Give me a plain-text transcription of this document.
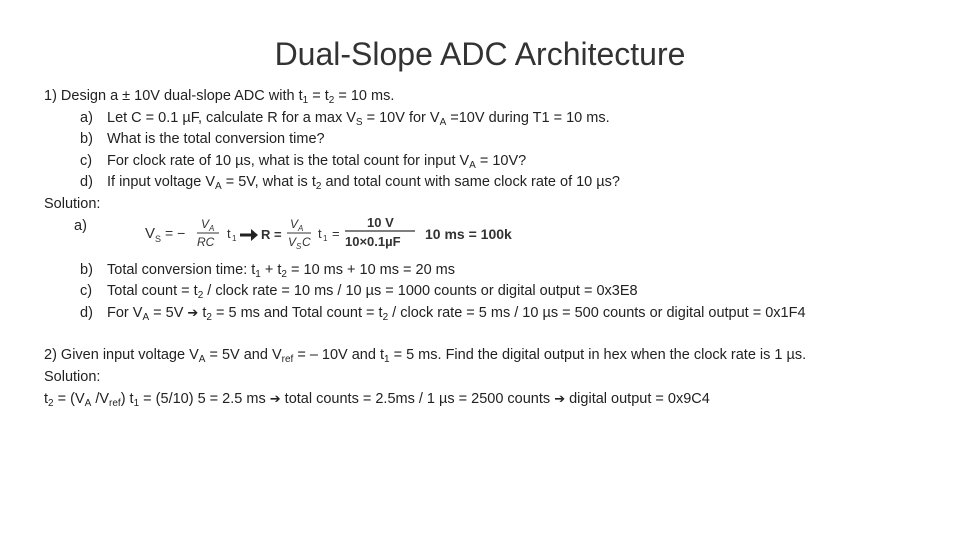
Dual-Slope ADC Architecture
1) Design a ± 10V dual-slope ADC with $t_1 = t_2 = 10$ ms.
a) Let C = 0.1 µF, calculate R for a $\max V_S = 10V$ for $V_A =10V$ during T1 = 10 ms.
b) What is the total conversion time?
c) For clock rate of 10 µs, what is the total count for input $V_A = 10V$?
d) If input voltage $V_A = 5V$, what is $t_2$ and total count with same clock rate of 10 µs?
Solution:
a)	V S = −
V A
RC
t 1 R =
V A
V S C
t 1 =
10 V
10×0.1µF 10 ms = 100k
b) Total conversion time: $t_1 + t_2 = 10$ ms + 10 ms = 20 ms
c) Total count = $t_2$ / clock rate = 10 ms / 10 µs = 1000 counts or digital output = 0x3E8
d) For $V_A = 5V$ ➔ $t_2 = 5$ ms and Total count = $t_2$ / clock rate = 5 ms / 10 µs = 500 counts or digital output = 0x1F4
2) Given input voltage $V_A = 5V$ and $V_{ref}$ = – 10V and $t_1 = 5$ ms. Find the digital output in hex when the clock rate is 1 µs.
Solution:
$t_2 = (V_A$ $/V_{ref}$) $t_1 = (5/10) 5 = 2.5$ ms ➔ total counts = 2.5ms / 1 µs = 2500 counts ➔ digital output = 0x9C4
